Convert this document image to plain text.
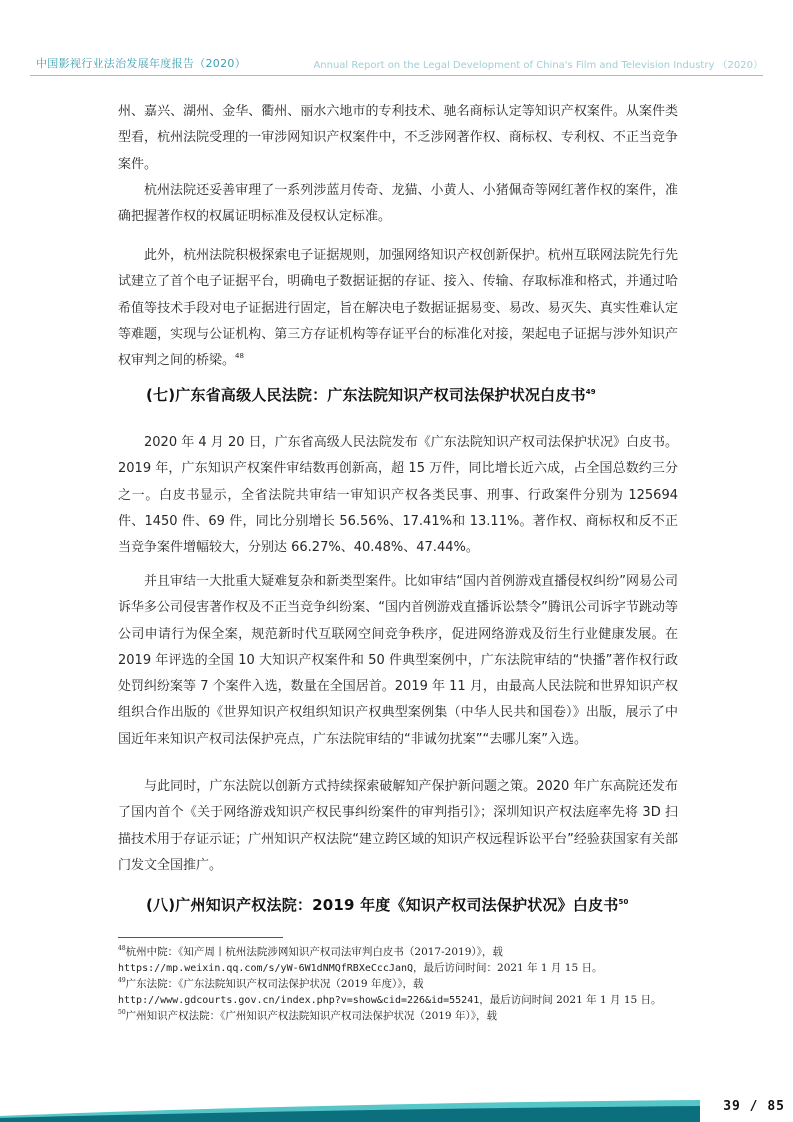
中国影视行业法治发展年度报告（2020）	Annual Report on the Legal Development of China's Film and Television Industry （2020）

州、嘉兴、湖州、金华、衢州、丽水六地市的专利技术、驰名商标认定等知识产权案件。从案件类型看，杭州法院受理的一审涉网知识产权案件中，不乏涉网著作权、商标权、专利权、不正当竞争案件。

杭州法院还妥善审理了一系列涉蓝月传奇、龙猫、小黄人、小猪佩奇等网红著作权的案件，准确把握著作权的权属证明标准及侵权认定标准。

此外，杭州法院积极探索电子证据规则，加强网络知识产权创新保护。杭州互联网法院先行先试建立了首个电子证据平台，明确电子数据证据的存证、接入、传输、存取标准和格式，并通过哈希值等技术手段对电子证据进行固定，旨在解决电子数据证据易变、易改、易灭失、真实性难认定等难题，实现与公证机构、第三方存证机构等存证平台的标准化对接，架起电子证据与涉外知识产权审判之间的桥梁。$^{48}$

(七)广东省高级人民法院：广东法院知识产权司法保护状况白皮书$^{49}$

2020 年 4 月 20 日，广东省高级人民法院发布《广东法院知识产权司法保护状况》白皮书。2019 年，广东知识产权案件审结数再创新高，超 15 万件，同比增长近六成，占全国总数约三分之一。白皮书显示，全省法院共审结一审知识产权各类民事、刑事、行政案件分别为 125694 件、1450 件、69 件，同比分别增长 56.56%、17.41%和 13.11%。著作权、商标权和反不正当竞争案件增幅较大，分别达 66.27%、40.48%、47.44%。

并且审结一大批重大疑难复杂和新类型案件。比如审结“国内首例游戏直播侵权纠纷”网易公司诉华多公司侵害著作权及不正当竞争纠纷案、“国内首例游戏直播诉讼禁令”腾讯公司诉字节跳动等公司申请行为保全案，规范新时代互联网空间竞争秩序，促进网络游戏及衍生行业健康发展。在 2019 年评选的全国 10 大知识产权案件和 50 件典型案例中，广东法院审结的“快播”著作权行政处罚纠纷案等 7 个案件入选，数量在全国居首。2019 年 11 月，由最高人民法院和世界知识产权组织合作出版的《世界知识产权组织知识产权典型案例集（中华人民共和国卷）》出版，展示了中国近年来知识产权司法保护亮点，广东法院审结的“非诚勿扰案”“去哪儿案”入选。

与此同时，广东法院以创新方式持续探索破解知产保护新问题之策。2020 年广东高院还发布了国内首个《关于网络游戏知识产权民事纠纷案件的审判指引》；深圳知识产权法庭率先将 3D 扫描技术用于存证示证；广州知识产权法院“建立跨区域的知识产权远程诉讼平台”经验获国家有关部门发文全国推广。

(八)广州知识产权法院：2019 年度《知识产权司法保护状况》白皮书$^{50}$
$^{48}$杭州中院：《知产周丨杭州法院涉网知识产权司法审判白皮书（2017-2019）》，载
https://mp.weixin.qq.com/s/yW-6W1dNMQfRBXeCccJanQ，最后访问时间：2021 年 1 月 15 日。
$^{49}$广东法院：《广东法院知识产权司法保护状况（2019 年度）》，载
http://www.gdcourts.gov.cn/index.php?v=show&cid=226&id=55241，最后访问时间 2021 年 1 月 15 日。
$^{50}$广州知识产权法院：《广州知识产权法院知识产权司法保护状况（2019 年）》，载
39 / 85
